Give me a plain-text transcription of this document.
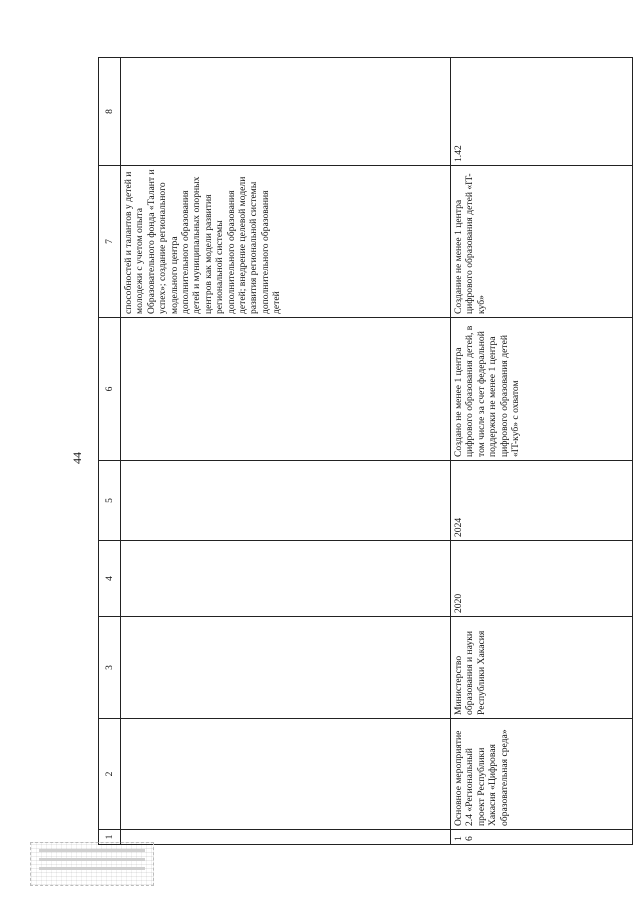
44
1	2	3	4	5	6	7	8
						способностей и талантов у детей и молодежи с учетом опыта Образовательного фонда «Талант и успех»; создание регионального модельного центра дополнительного образования детей и муниципальных опорных центров как модели развития региональной системы дополнительного образования детей; внедрение целевой модели развития региональной системы дополнительного образования детей	
16	Основное мероприятие 2.4 «Региональный проект Республики Хакасия «Цифровая образовательная среда»	Министерство образования и науки Республики Хакасия	2020	2024	Создано не менее 1 центра цифрового образования детей, в том числе за счет федеральной поддержки не менее 1 центра цифрового образования детей «IT-куб» с охватом	Создание не менее 1 центра цифрового образования детей «IT-куб»	1.42
